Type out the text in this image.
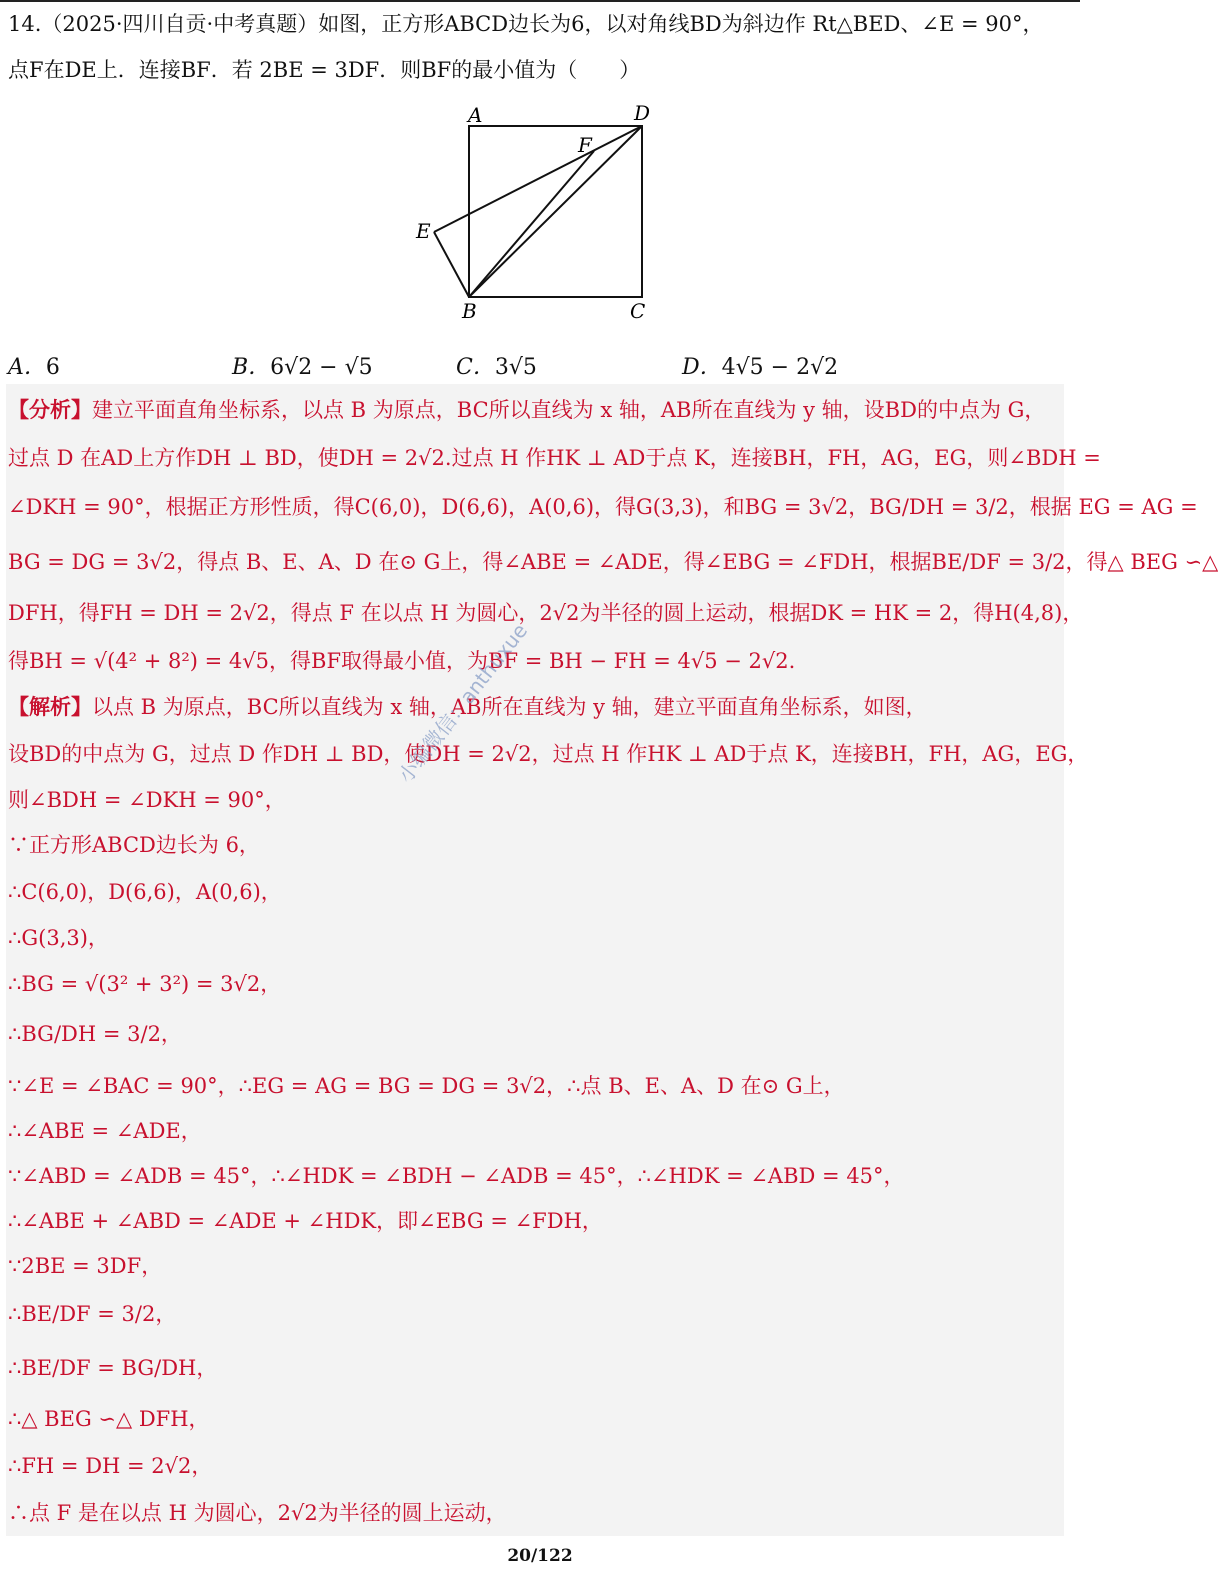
14.（2025·四川自贡·中考真题）如图，正方形ABCD边长为6，以对角线BD为斜边作 Rt△BED、∠E = 90°，
点F在DE上．连接BF．若 2BE = 3DF．则BF的最小值为（　　）
A	D
F
E
B	C
A．6	B．6√2 − √5	C．3√5	D．4√5 − 2√2
【分析】建立平面直角坐标系，以点 B 为原点，BC所以直线为 x 轴，AB所在直线为 y 轴，设BD的中点为 G，
过点 D 在AD上方作DH ⊥ BD，使DH = 2√2.过点 H 作HK ⊥ AD于点 K，连接BH，FH，AG，EG，则∠BDH =
∠DKH = 90°，根据正方形性质，得C(6,0)，D(6,6)，A(0,6)，得G(3,3)，和BG = 3√2，BG/DH = 3/2，根据 EG = AG =
BG = DG = 3√2，得点 B、E、A、D 在⊙ G上，得∠ABE = ∠ADE，得∠EBG = ∠FDH，根据BE/DF = 3/2，得△ BEG ∽△
DFH，得FH = DH = 2√2，得点 F 在以点 H 为圆心，2√2为半径的圆上运动，根据DK = HK = 2，得H(4,8)，
得BH = √(4² + 8²) = 4√5，得BF取得最小值，为BF = BH − FH = 4√5 − 2√2.
【解析】以点 B 为原点，BC所以直线为 x 轴，AB所在直线为 y 轴，建立平面直角坐标系，如图，
设BD的中点为 G，过点 D 作DH ⊥ BD，使DH = 2√2，过点 H 作HK ⊥ AD于点 K，连接BH，FH，AG，EG，
则∠BDH = ∠DKH = 90°，
∵正方形ABCD边长为 6，
∴C(6,0)，D(6,6)，A(0,6)，
∴G(3,3)，
∴BG = √(3² + 3²) = 3√2，
∴BG/DH = 3/2，
∵∠E = ∠BAC = 90°，∴EG = AG = BG = DG = 3√2，∴点 B、E、A、D 在⊙ G上，
∴∠ABE = ∠ADE，
∵∠ABD = ∠ADB = 45°，∴∠HDK = ∠BDH − ∠ADB = 45°，∴∠HDK = ∠ABD = 45°，
∴∠ABE + ∠ABD = ∠ADE + ∠HDK，即∠EBG = ∠FDH，
∵2BE = 3DF，
∴BE/DF = 3/2，
∴BE/DF = BG/DH，
∴△ BEG ∽△ DFH，
∴FH = DH = 2√2，
∴点 F 是在以点 H 为圆心，2√2为半径的圆上运动，
小编微信：anthuxue
20/122
